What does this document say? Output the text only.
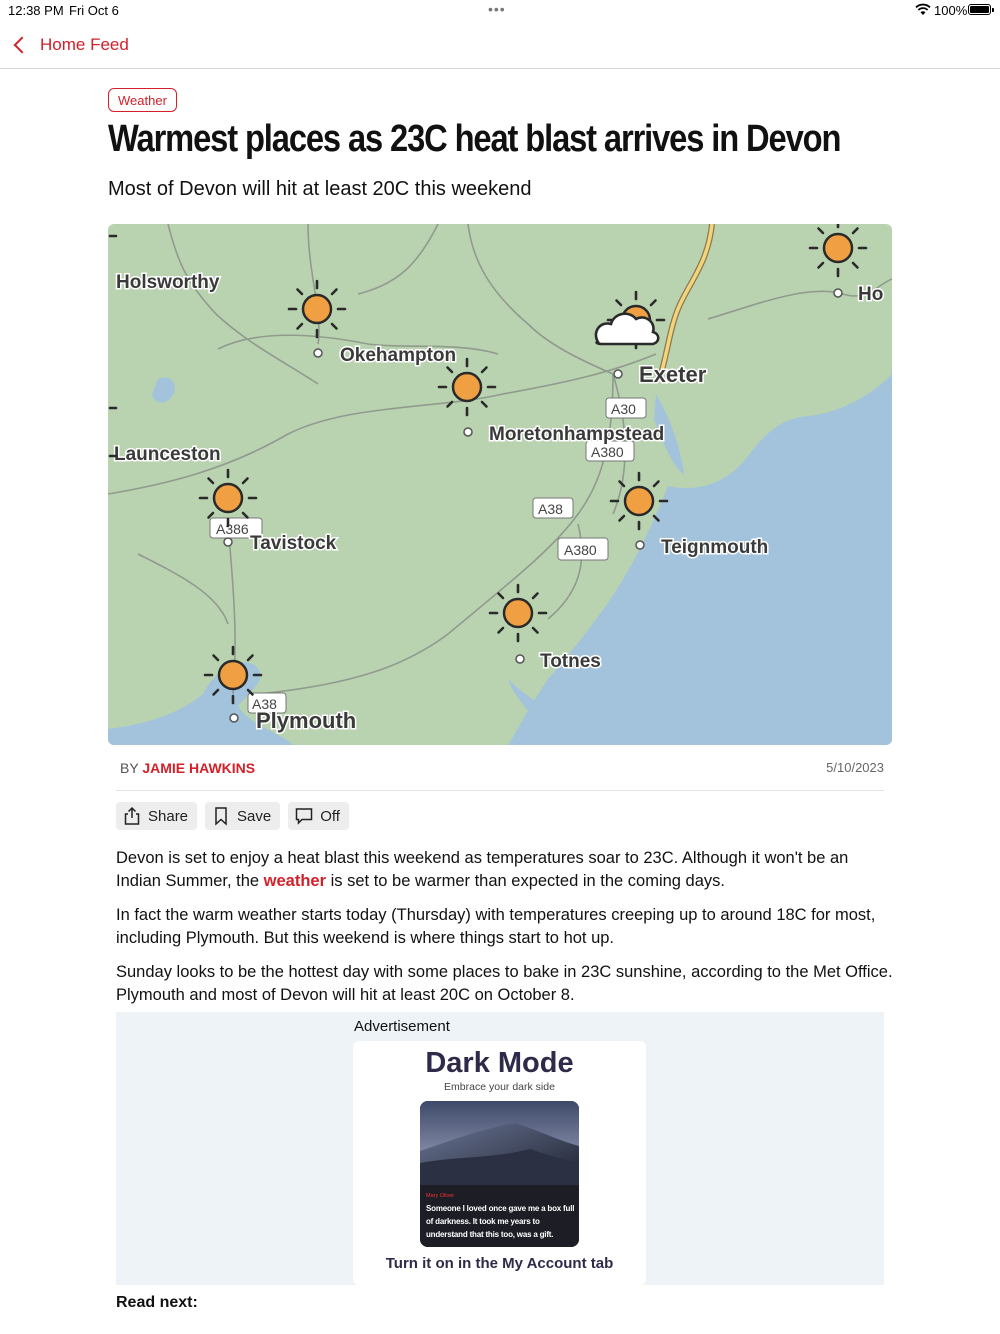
12:38 PM Fri Oct 6	•••	100%
Home Feed
Weather
Warmest places as 23C heat blast arrives in Devon
Most of Devon will hit at least 20C this weekend
A30
A380
A38
A380
A386
A38
Holsworthy
Okehampton
Exeter
Moretonhampstead
Launceston
Tavistock	Teignmouth
Totnes
Plymouth
Ho
BY JAMIE HAWKINS	5/10/2023
Share	Save	Off

Devon is set to enjoy a heat blast this weekend as temperatures soar to 23C. Although it won't be an Indian Summer, the weather is set to be warmer than expected in the coming days.

In fact the warm weather starts today (Thursday) with temperatures creeping up to around 18C for most, including Plymouth. But this weekend is where things start to hot up.

Sunday looks to be the hottest day with some places to bake in 23C sunshine, according to the Met Office. Plymouth and most of Devon will hit at least 20C on October 8.

Advertisement
Dark Mode
Embrace your dark side
Mary Oliver
Someone I loved once gave me a box full of darkness. It took me years to understand that this too, was a gift.
Turn it on in the My Account tab
Read next:
